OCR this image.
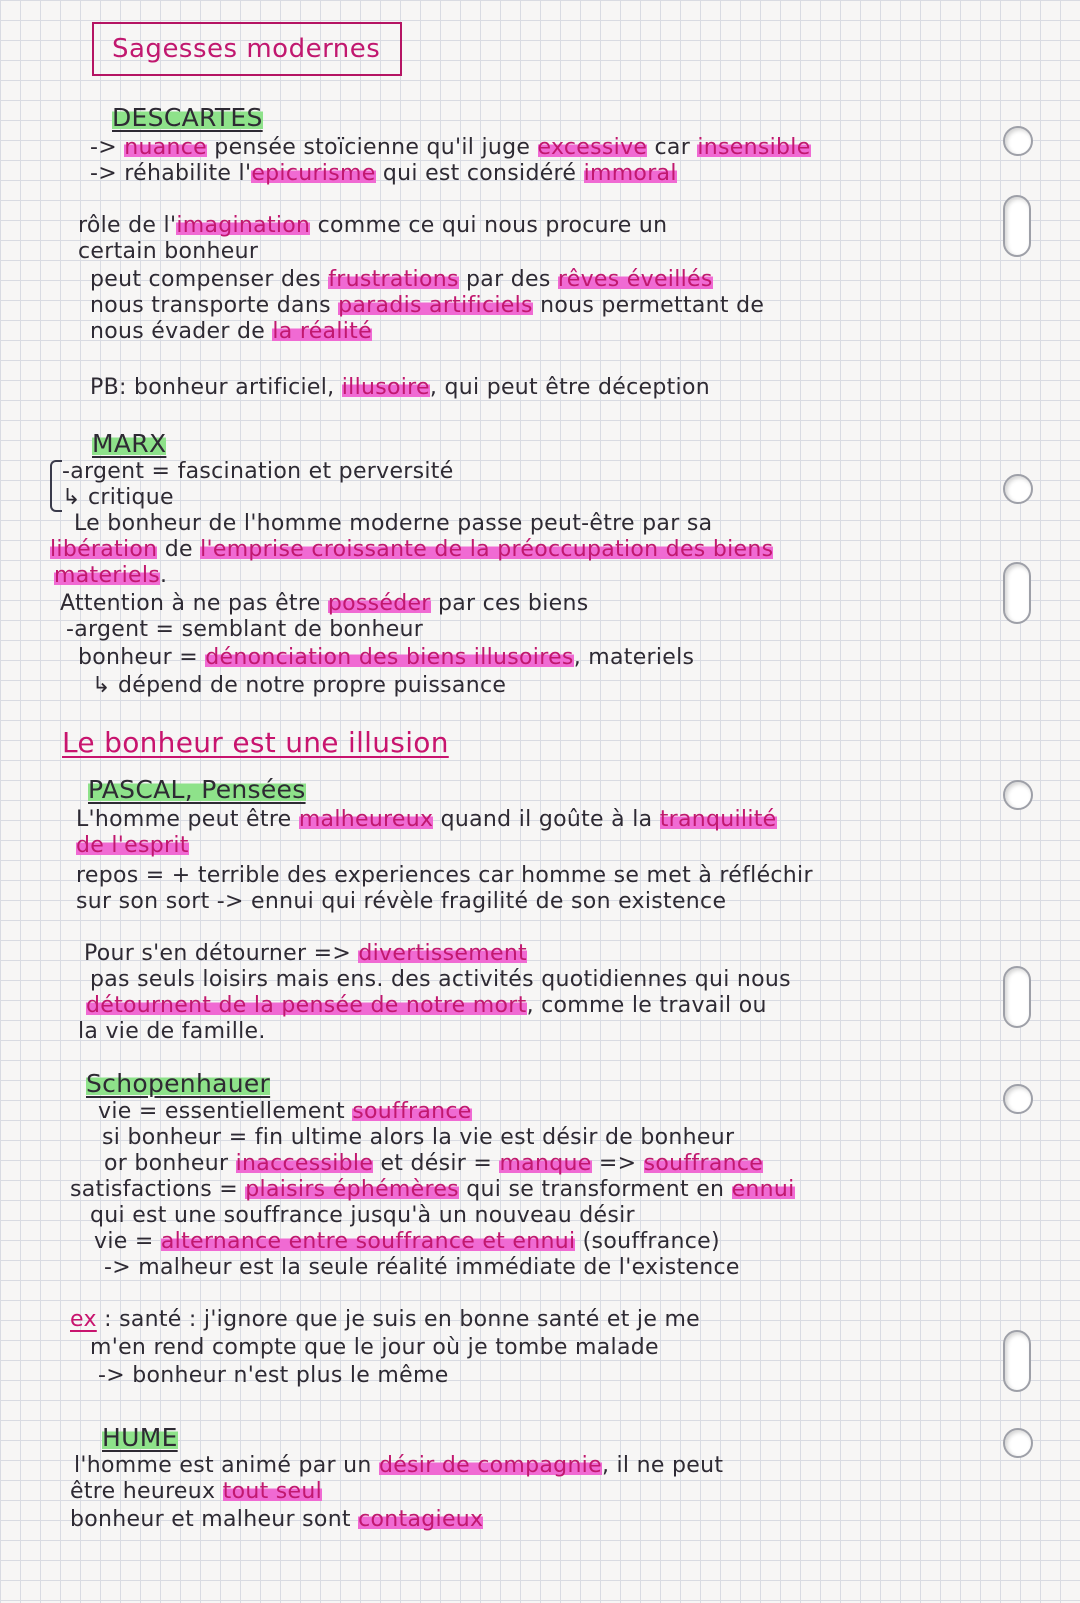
Sagesses modernes
DESCARTES
-> nuance pensée stoïcienne qu'il juge excessive car insensible
-> réhabilite l'epicurisme qui est considéré immoral
rôle de l'imagination comme ce qui nous procure un
certain bonheur
peut compenser des frustrations par des rêves éveillés
nous transporte dans paradis artificiels nous permettant de
nous évader de la réalité
PB: bonheur artificiel, illusoire, qui peut être déception
MARX
-argent = fascination et perversité
↳ critique
Le bonheur de l'homme moderne passe peut-être par sa
libération de l'emprise croissante de la préoccupation des biens
materiels.
Attention à ne pas être posséder par ces biens
-argent = semblant de bonheur
bonheur = dénonciation des biens illusoires, materiels
↳ dépend de notre propre puissance
Le bonheur est une illusion
PASCAL, Pensées
L'homme peut être malheureux quand il goûte à la tranquilité
de l'esprit
repos = + terrible des experiences car homme se met à réfléchir
sur son sort -> ennui qui révèle fragilité de son existence
Pour s'en détourner => divertissement
pas seuls loisirs mais ens. des activités quotidiennes qui nous
détournent de la pensée de notre mort, comme le travail ou
la vie de famille.
Schopenhauer
vie = essentiellement souffrance
si bonheur = fin ultime alors la vie est désir de bonheur
or bonheur inaccessible et désir = manque => souffrance
satisfactions = plaisirs éphémères qui se transforment en ennui
qui est une souffrance jusqu'à un nouveau désir
vie = alternance entre souffrance et ennui (souffrance)
-> malheur est la seule réalité immédiate de l'existence
ex : santé : j'ignore que je suis en bonne santé et je me
m'en rend compte que le jour où je tombe malade
-> bonheur n'est plus le même
HUME
l'homme est animé par un désir de compagnie, il ne peut
être heureux tout seul
bonheur et malheur sont contagieux
